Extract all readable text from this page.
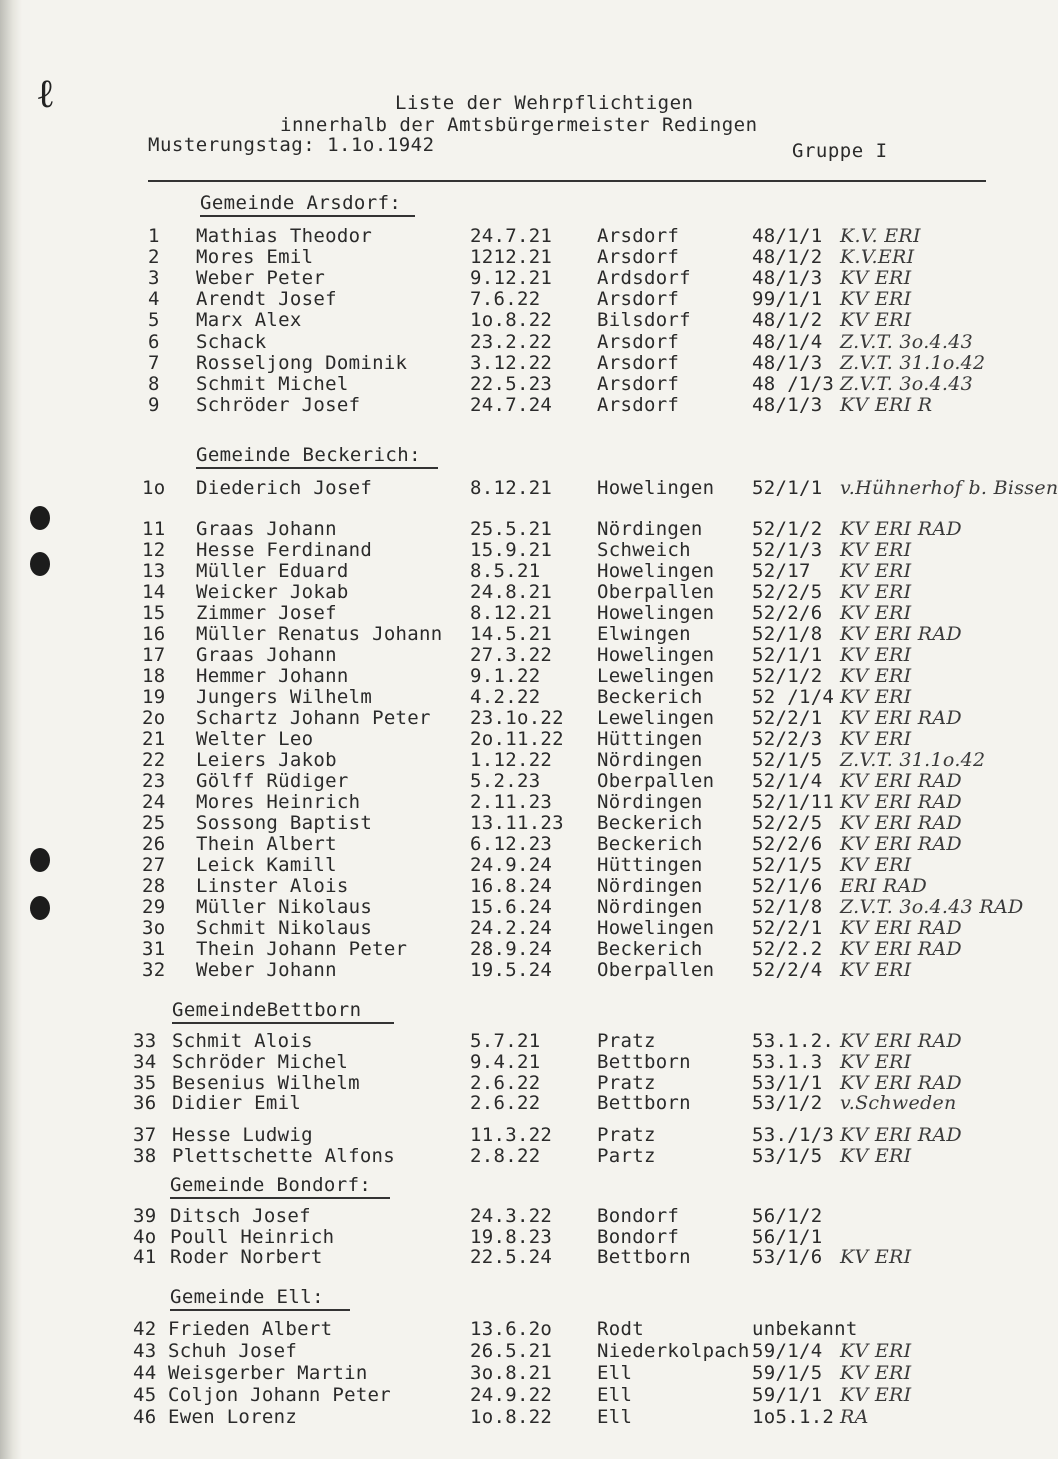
ℓ	Liste der Wehrpflichtigen
innerhalb der Amtsbürgermeister Redingen
Musterungstag: 1.1o.1942	Gruppe I
Gemeinde Arsdorf:
1 Mathias Theodor	24.7.21 Arsdorf	48/1/1 K.V. ERI
2 Mores Emil	1212.21 Arsdorf	48/1/2 K.V.ERI
3 Weber Peter	9.12.21 Ardsdorf	48/1/3 KV ERI
4 Arendt Josef	7.6.22	Arsdorf	99/1/1 KV ERI
5 Marx Alex	1o.8.22 Bilsdorf	48/1/2 KV ERI
6 Schack	23.2.22 Arsdorf	48/1/4 Z.V.T. 3o.4.43
7 Rosseljong Dominik	3.12.22 Arsdorf	48/1/3 Z.V.T. 31.1o.42
8 Schmit Michel	22.5.23 Arsdorf	48 /1/3 Z.V.T. 3o.4.43
9 Schröder Josef	24.7.24 Arsdorf	48/1/3 KV ERI R
Gemeinde Beckerich:
1o Diederich Josef	8.12.21 Howelingen 52/1/1 v.Hühnerhof b. Bissen
11 Graas Johann	25.5.21 Nördingen	52/1/2 KV ERI RAD
12 Hesse Ferdinand	15.9.21 Schweich	52/1/3 KV ERI
13 Müller Eduard	8.5.21	Howelingen 52/17 KV ERI
14 Weicker Jokab	24.8.21 Oberpallen 52/2/5 KV ERI
15 Zimmer Josef	8.12.21 Howelingen 52/2/6 KV ERI
16 Müller Renatus Johann 14.5.21 Elwingen	52/1/8 KV ERI RAD
17 Graas Johann	27.3.22 Howelingen 52/1/1 KV ERI
18 Hemmer Johann	9.1.22	Lewelingen 52/1/2 KV ERI
19 Jungers Wilhelm	4.2.22	Beckerich	52 /1/4 KV ERI
2o Schartz Johann Peter 23.1o.22 Lewelingen 52/2/1 KV ERI RAD
21 Welter Leo	2o.11.22 Hüttingen	52/2/3 KV ERI
22 Leiers Jakob	1.12.22 Nördingen	52/1/5 Z.V.T. 31.1o.42
23 Gölff Rüdiger	5.2.23	Oberpallen 52/1/4 KV ERI RAD
24 Mores Heinrich	2.11.23 Nördingen	52/1/11 KV ERI RAD
25 Sossong Baptist	13.11.23 Beckerich	52/2/5 KV ERI RAD
26 Thein Albert	6.12.23 Beckerich	52/2/6 KV ERI RAD
27 Leick Kamill	24.9.24 Hüttingen	52/1/5 KV ERI
28 Linster Alois	16.8.24 Nördingen	52/1/6 ERI RAD
29 Müller Nikolaus	15.6.24 Nördingen	52/1/8 Z.V.T. 3o.4.43 RAD
3o Schmit Nikolaus	24.2.24 Howelingen 52/2/1 KV ERI RAD
31 Thein Johann Peter	28.9.24 Beckerich	52/2.2 KV ERI RAD
32 Weber Johann	19.5.24 Oberpallen 52/2/4 KV ERI
GemeindeBettborn
33 Schmit Alois	5.7.21	Pratz	53.1.2. KV ERI RAD
34 Schröder Michel	9.4.21	Bettborn	53.1.3 KV ERI
35 Besenius Wilhelm	2.6.22	Pratz	53/1/1 KV ERI RAD
36 Didier Emil	2.6.22	Bettborn	53/1/2 v.Schweden
37 Hesse Ludwig	11.3.22 Pratz	53./1/3 KV ERI RAD
38 Plettschette Alfons	2.8.22	Partz	53/1/5 KV ERI
Gemeinde Bondorf:
39 Ditsch Josef	24.3.22 Bondorf	56/1/2
4o Poull Heinrich	19.8.23 Bondorf	56/1/1
41 Roder Norbert	22.5.24 Bettborn	53/1/6 KV ERI
Gemeinde Ell:
42 Frieden Albert	13.6.2o Rodt	unbekannt
43 Schuh Josef	26.5.21 Niederkolpach 59/1/4 KV ERI
44 Weisgerber Martin	3o.8.21 Ell	59/1/5 KV ERI
45 Coljon Johann Peter	24.9.22 Ell	59/1/1 KV ERI
46 Ewen Lorenz	1o.8.22 Ell	1o5.1.2 RA
